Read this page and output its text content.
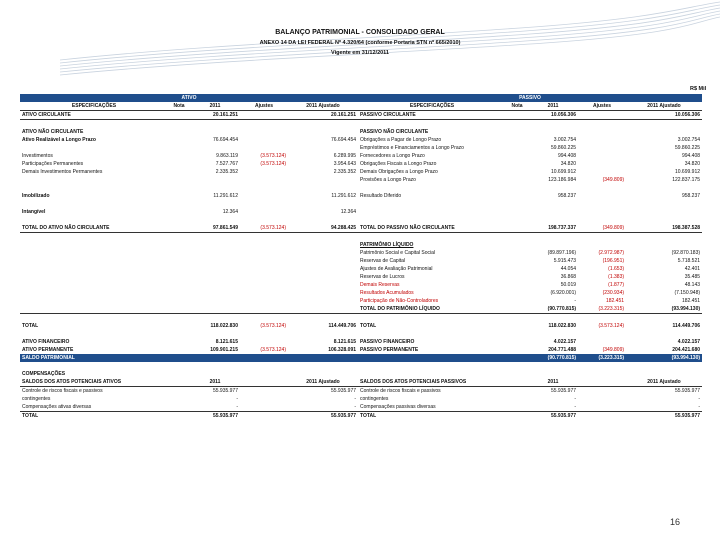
BALANÇO PATRIMONIAL - CONSOLIDADO GERAL
ANEXO 14 DA LEI FEDERAL Nº 4.320/64 (conforme Portaria STN nº 665/2010)
Vigente em 31/12/2011
R$ Mil
ATIVO					PASSIVO				
ESPECIFICAÇÕES	Nota	2011	Ajustes	2011 Ajustado	ESPECIFICAÇÕES	Nota	2011	Ajustes	2011 Ajustado
ATIVO CIRCULANTE		20.161.251		20.161.251	PASSIVO CIRCULANTE		10.056.306		10.056.306

ATIVO NÃO CIRCULANTE					PASSIVO NÃO CIRCULANTE				
Ativo Realizável a Longo Prazo		76.694.454		76.694.454	Obrigações a Pagar de Longo Prazo		3.002.754		3.002.754
					Empréstimos e Financiamentos a Longo Prazo		59.860.225		59.860.225
Investimentos		9.863.119	(3.573.124)	6.289.995	Fornecedores a Longo Prazo		994.408		994.408
Participações Permanentes		7.527.767	(3.573.124)	3.954.643	Obrigações Fiscais a Longo Prazo		34.820		34.820
Demais Investimentos Permanentes		2.335.352		2.335.352	Demais Obrigações a Longo Prazo		10.699.912		10.699.912
					Provisões a Longo Prazo		123.186.984	(349.809)	122.837.175

Imobilizado		11.291.612		11.291.612	Resultado Diferido		958.237		958.237

Intangível		12.364		12.364					

TOTAL DO ATIVO NÃO CIRCULANTE		97.861.549	(3.573.124)	94.288.425	TOTAL DO PASSIVO NÃO CIRCULANTE		198.737.337	(349.809)	198.387.528

					PATRIMÔNIO LÍQUIDO				
					Patrimônio Social e Capital Social		(89.897.196)	(2.972.987)	(92.870.183)
					Reservas de Capital		5.915.473	(196.951)	5.718.521
					Ajustes de Avaliação Patrimonial		44.054	(1.653)	42.401
					Reservas de Lucros		36.868	(1.383)	35.485
					Demais Reservas		50.019	(1.877)	48.143
					Resultados Acumulados		(6.920.001)	(230.934)	(7.150.948)
					Participação de Não-Controladores		-	182.451	182.451
					TOTAL DO PATRIMÔNIO LÍQUIDO		(90.770.815)	(3.223.315)	(93.994.130)

TOTAL		118.022.830	(3.573.124)	114.449.706	TOTAL		118.022.830	(3.573.124)	114.449.706

ATIVO FINANCEIRO		8.121.615		8.121.615	PASSIVO FINANCEIRO		4.022.157		4.022.157
ATIVO PERMANENTE		109.901.215	(3.573.124)	106.328.091	PASSIVO PERMANENTE		204.771.488	(349.809)	204.421.680
SALDO PATRIMONIAL							(90.770.815)	(3.223.315)	(93.994.130)

COMPENSAÇÕES									
SALDOS DOS ATOS POTENCIAIS ATIVOS		2011		2011 Ajustado	SALDOS DOS ATOS POTENCIAIS PASSIVOS		2011		2011 Ajustado
Controle de riscos fiscais e passivos		55.935.977		55.935.977	Controle de riscos fiscais e passivos		55.935.977		55.935.977
contingentes		-		-	contingentes		-		-
Compensações ativas diversas		-		-	Compensações passivas diversas		-		-
TOTAL		55.935.977		55.935.977	TOTAL		55.935.977		55.935.977
16
